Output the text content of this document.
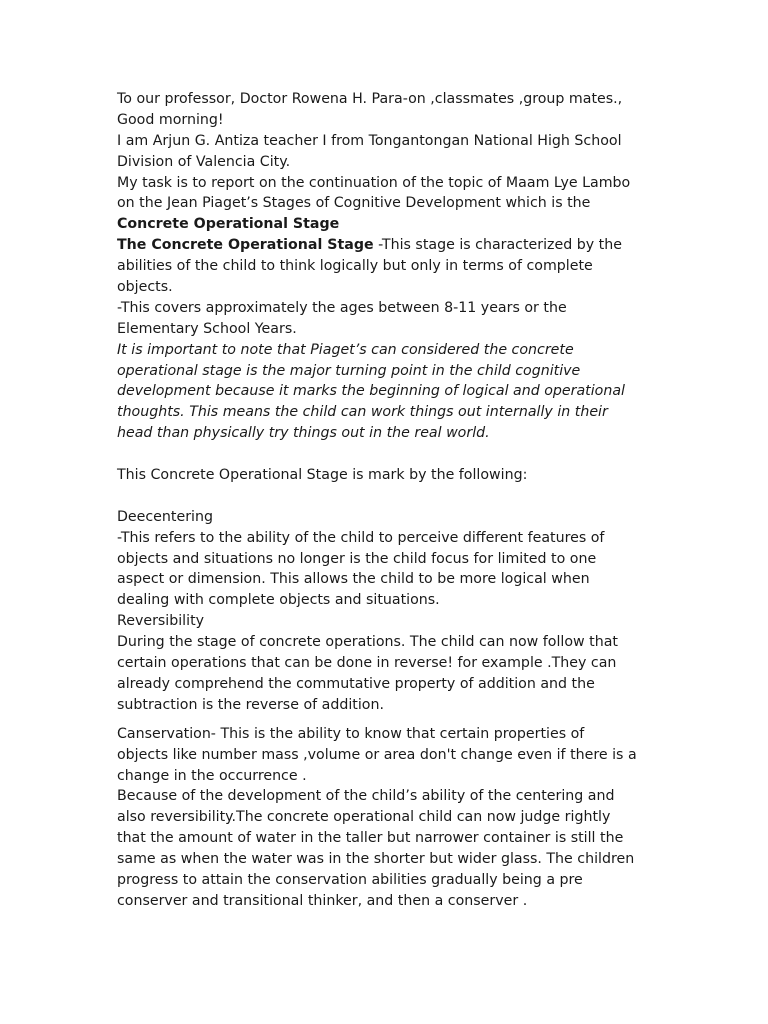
To our professor, Doctor Rowena H. Para-on ,classmates ,group mates.,
Good morning!
I am Arjun G. Antiza teacher I from Tongantongan National High School
Division of Valencia City.
My task is to report on the continuation of the topic of Maam Lye Lambo
on the Jean Piaget’s Stages of Cognitive Development which is the
Concrete Operational Stage
The Concrete Operational Stage -This stage is characterized by the
abilities of the child to think logically but only in terms of complete
objects.
-This covers approximately the ages between 8-11 years or the
Elementary School Years.
It is important to note that Piaget’s can considered the concrete
operational stage is the major turning point in the child cognitive
development because it marks the beginning of logical and operational
thoughts. This means the child can work things out internally in their
head than physically try things out in the real world.
This Concrete Operational Stage is mark by the following:
Deecentering
-This refers to the ability of the child to perceive different features of
objects and situations no longer is the child focus for limited to one
aspect or dimension. This allows the child to be more logical when
dealing with complete objects and situations.
Reversibility
During the stage of concrete operations. The child can now follow that
certain operations that can be done in reverse! for example .They can
already comprehend the commutative property of addition and the
subtraction is the reverse of addition.
Canservation- This is the ability to know that certain properties of
objects like number mass ,volume or area don't change even if there is a
change in the occurrence .
Because of the development of the child’s ability of the centering and
also reversibility.The concrete operational child can now judge rightly
that the amount of water in the taller but narrower container is still the
same as when the water was in the shorter but wider glass. The children
progress to attain the conservation abilities gradually being a pre
conserver and transitional thinker, and then a conserver .
